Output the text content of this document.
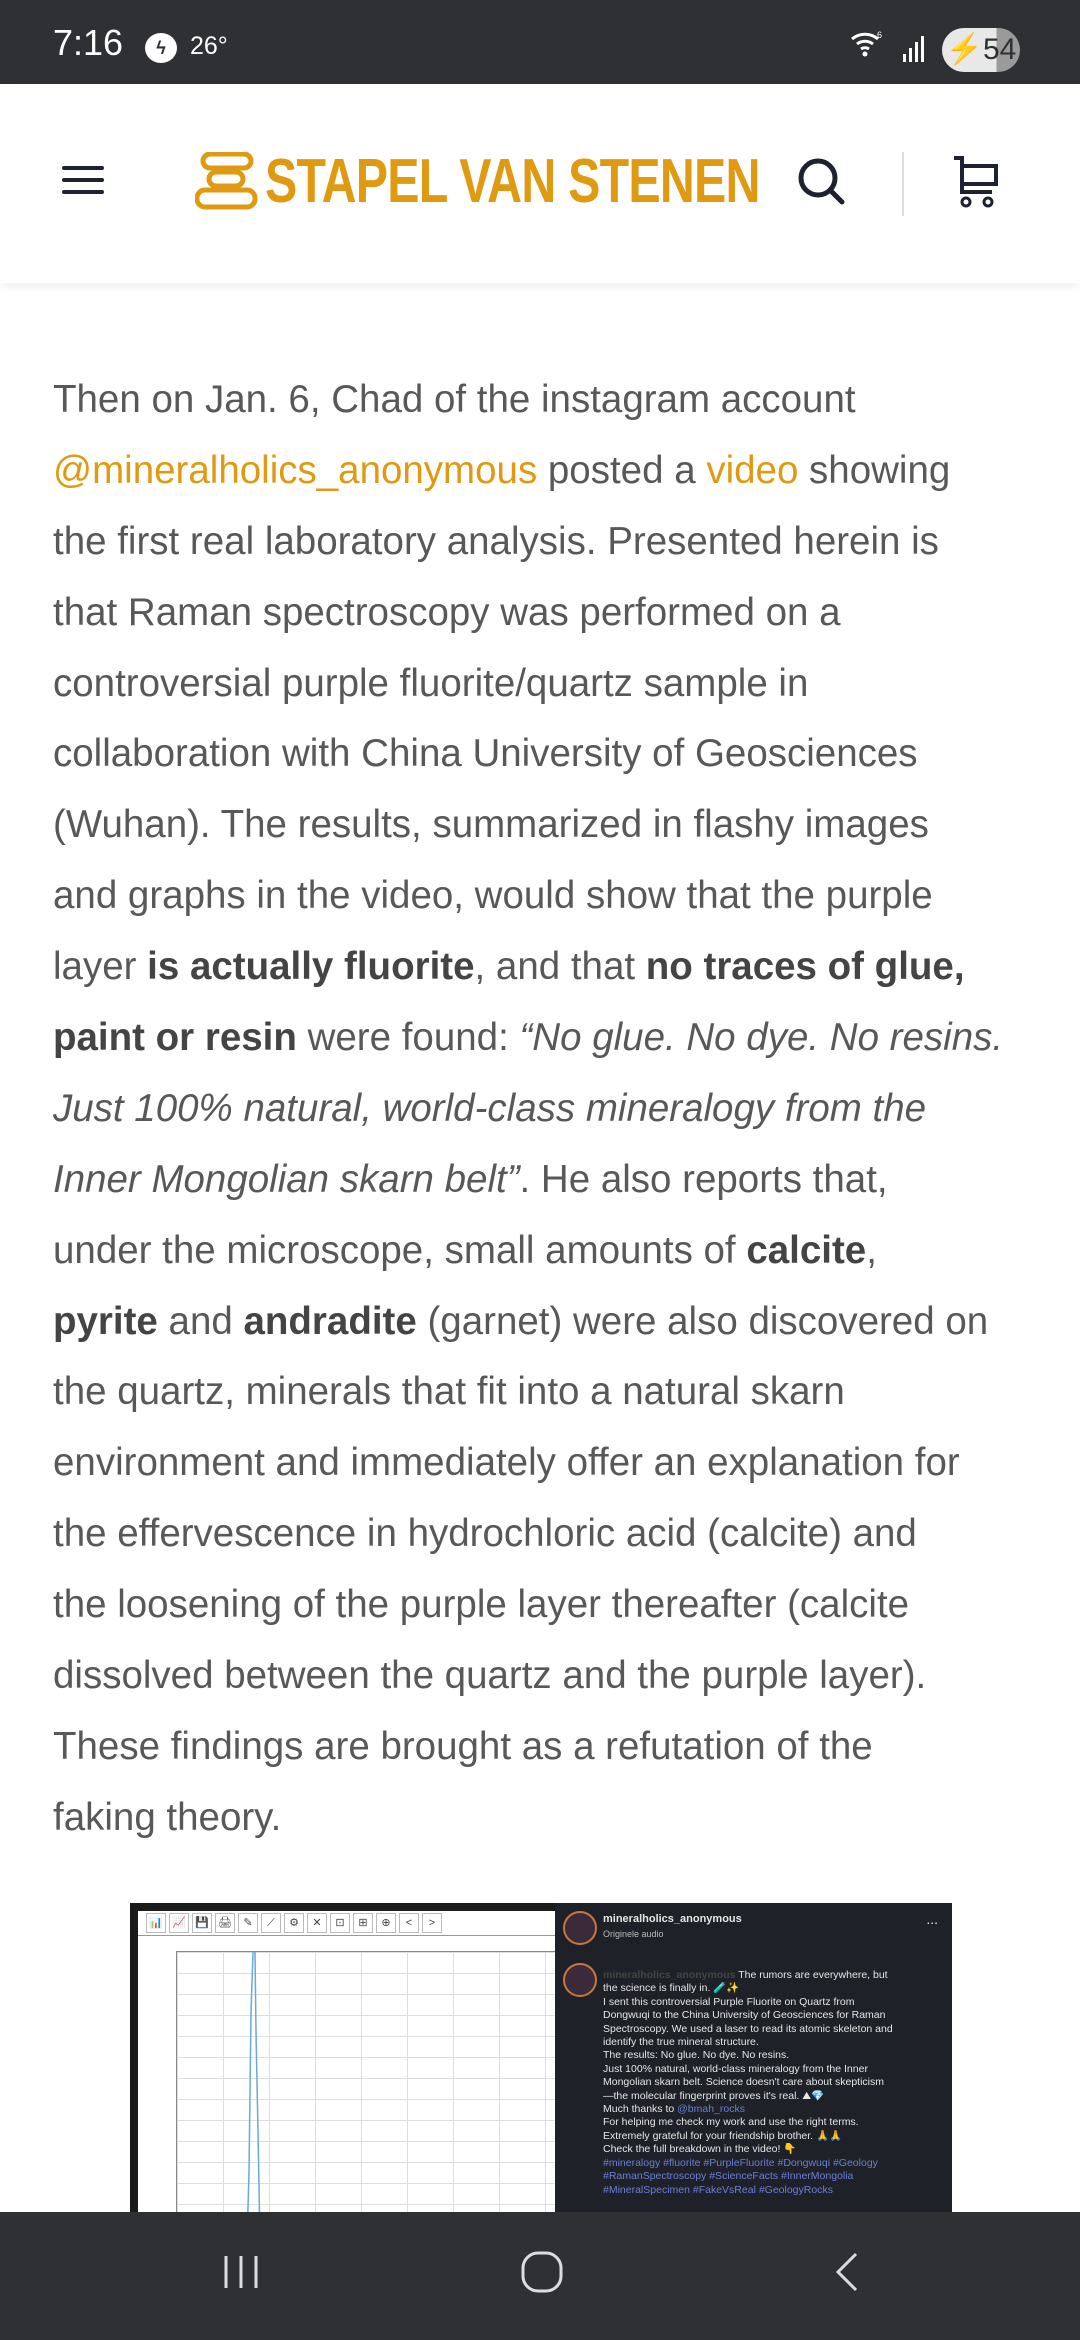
7:16	ϟ 26°	6 ⚡54
STAPEL VAN STENEN
Then on Jan. 6, Chad of the instagram account
@mineralholics_anonymous posted a video showing
the first real laboratory analysis. Presented herein is
that Raman spectroscopy was performed on a
controversial purple fluorite/quartz sample in
collaboration with China University of Geosciences
(Wuhan). The results, summarized in flashy images
and graphs in the video, would show that the purple
layer is actually fluorite, and that no traces of glue,
paint or resin were found: “No glue. No dye. No resins.
Just 100% natural, world-class mineralogy from the
Inner Mongolian skarn belt”. He also reports that,
under the microscope, small amounts of calcite,
pyrite and andradite (garnet) were also discovered on
the quartz, minerals that fit into a natural skarn
environment and immediately offer an explanation for
the effervescence in hydrochloric acid (calcite) and
the loosening of the purple layer thereafter (calcite
dissolved between the quartz and the purple layer).
These findings are brought as a refutation of the
faking theory.
📊 📈 💾 🖨	✎	⟋	⚙	✕	⊡	⊞	⊕	<	>	mineralholics_anonymous
Originele audio
...
mineralholics_anonymous The rumors are everywhere, but
the science is finally in. 🧪✨
I sent this controversial Purple Fluorite on Quartz from
Dongwuqi to the China University of Geosciences for Raman
Spectroscopy. We used a laser to read its atomic skeleton and
identify the true mineral structure.
The results: No glue. No dye. No resins.
Just 100% natural, world-class mineralogy from the Inner
Mongolian skarn belt. Science doesn't care about skepticism
—the molecular fingerprint proves it's real. ⛰💎
Much thanks to @bmah_rocks
For helping me check my work and use the right terms.
Extremely grateful for your friendship brother. 🙏🙏
Check the full breakdown in the video! 👇
#mineralogy #fluorite #PurpleFluorite #Dongwuqi #Geology
#RamanSpectroscopy #ScienceFacts #InnerMongolia
#MineralSpecimen #FakeVsReal #GeologyRocks
